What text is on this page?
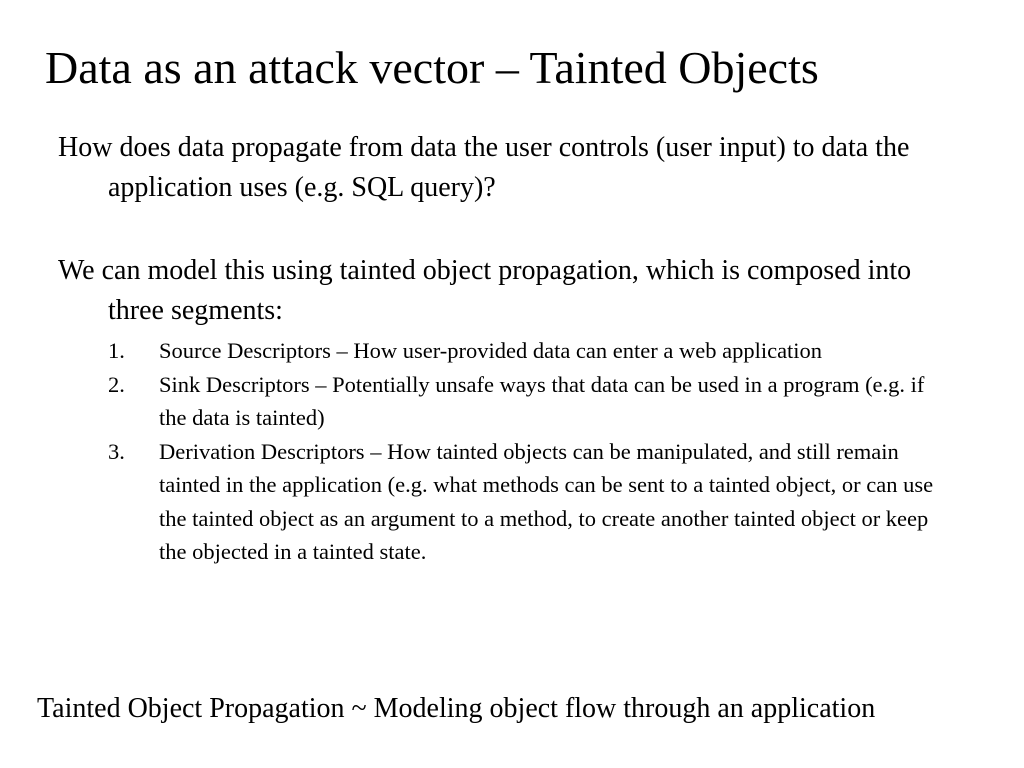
Data as an attack vector – Tainted Objects
How does data propagate from data the user controls (user input) to data the application uses (e.g. SQL query)?
We can model this using tainted object propagation, which is composed into three segments:
1. Source Descriptors – How user-provided data can enter a web application
2. Sink Descriptors – Potentially unsafe ways that data can be used in a program (e.g. if the data is tainted)
3. Derivation Descriptors – How tainted objects can be manipulated, and still remain tainted in the application (e.g. what methods can be sent to a tainted object, or can use the tainted object as an argument to a method, to create another tainted object or keep the objected in a tainted state.
Tainted Object Propagation ~ Modeling object flow through an application
